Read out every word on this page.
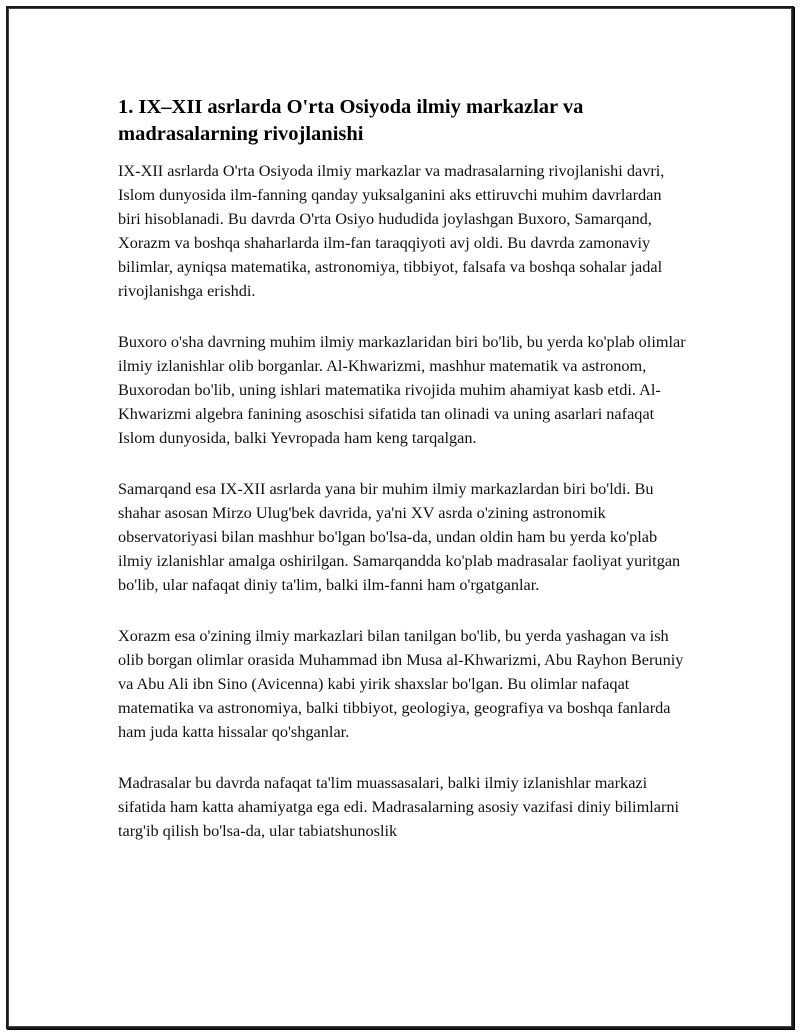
1. IX–XII asrlarda O'rta Osiyoda ilmiy markazlar va madrasalarning rivojlanishi

IX-XII asrlarda O'rta Osiyoda ilmiy markazlar va madrasalarning rivojlanishi davri, Islom dunyosida ilm-fanning qanday yuksalganini aks ettiruvchi muhim davrlardan biri hisoblanadi. Bu davrda O'rta Osiyo hududida joylashgan Buxoro, Samarqand, Xorazm va boshqa shaharlarda ilm-fan taraqqiyoti avj oldi. Bu davrda zamonaviy bilimlar, ayniqsa matematika, astronomiya, tibbiyot, falsafa va boshqa sohalar jadal rivojlanishga erishdi.

Buxoro o'sha davrning muhim ilmiy markazlaridan biri bo'lib, bu yerda ko'plab olimlar ilmiy izlanishlar olib borganlar. Al-Khwarizmi, mashhur matematik va astronom, Buxorodan bo'lib, uning ishlari matematika rivojida muhim ahamiyat kasb etdi. Al-Khwarizmi algebra fanining asoschisi sifatida tan olinadi va uning asarlari nafaqat Islom dunyosida, balki Yevropada ham keng tarqalgan.

Samarqand esa IX-XII asrlarda yana bir muhim ilmiy markazlardan biri bo'ldi. Bu shahar asosan Mirzo Ulug'bek davrida, ya'ni XV asrda o'zining astronomik observatoriyasi bilan mashhur bo'lgan bo'lsa-da, undan oldin ham bu yerda ko'plab ilmiy izlanishlar amalga oshirilgan. Samarqandda ko'plab madrasalar faoliyat yuritgan bo'lib, ular nafaqat diniy ta'lim, balki ilm-fanni ham o'rgatganlar.

Xorazm esa o'zining ilmiy markazlari bilan tanilgan bo'lib, bu yerda yashagan va ish olib borgan olimlar orasida Muhammad ibn Musa al-Khwarizmi, Abu Rayhon Beruniy va Abu Ali ibn Sino (Avicenna) kabi yirik shaxslar bo'lgan. Bu olimlar nafaqat matematika va astronomiya, balki tibbiyot, geologiya, geografiya va boshqa fanlarda ham juda katta hissalar qo'shganlar.

Madrasalar bu davrda nafaqat ta'lim muassasalari, balki ilmiy izlanishlar markazi sifatida ham katta ahamiyatga ega edi. Madrasalarning asosiy vazifasi diniy bilimlarni targ'ib qilish bo'lsa-da, ular tabiatshunoslik
